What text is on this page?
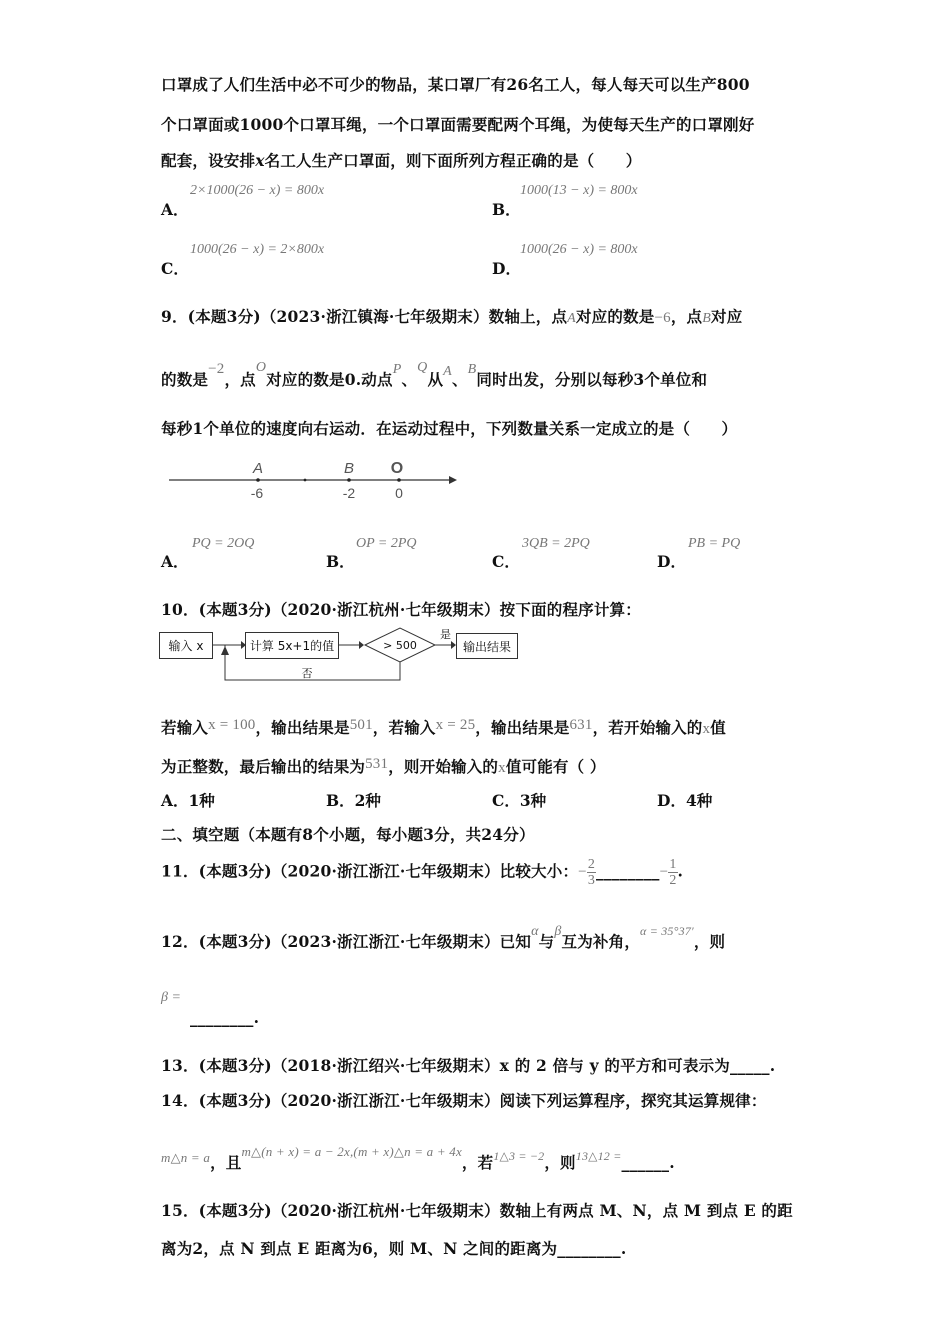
口罩成了人们生活中必不可少的物品，某口罩厂有26名工人，每人每天可以生产800
个口罩面或1000个口罩耳绳，一个口罩面需要配两个耳绳，为使每天生产的口罩刚好
配套，设安排x名工人生产口罩面，则下面所列方程正确的是（　　）
A．
2×1000(26 − x) = 800x
B．
1000(13 − x) = 800x
C．
1000(26 − x) = 2×800x
D．
1000(26 − x) = 800x
9．(本题3分)（2023·浙江镇海·七年级期末）数轴上，点A对应的数是−6，点B对应
的数是−2，点O对应的数是0.动点P、Q从A、B同时出发，分别以每秒3个单位和
每秒1个单位的速度向右运动．在运动过程中，下列数量关系一定成立的是（　　）
A	B O
-6	-2	0
A．
PQ = 2OQ
B．
OP = 2PQ
C．
3QB = 2PQ
D．
PB = PQ
10．(本题3分)（2020·浙江杭州·七年级期末）按下面的程序计算：
输入 x	计算 5x+1的值	输出结果
> 500
是
否
若输入x = 100，输出结果是501，若输入x = 25，输出结果是631，若开始输入的x值
为正整数，最后输出的结果为531，则开始输入的x值可能有（ ）
A．1种	B．2种	C．3种	D．4种
二、填空题（本题有8个小题，每小题3分，共24分）
11．(本题3分)（2020·浙江浙江·七年级期末）比较大小：− $\frac{2}{3}$ ________− $\frac{1}{2}$ .
12．(本题3分)（2023·浙江浙江·七年级期末）已知α与β互为补角，$^{\alpha = 35^\circ 37'}$，则
β =
________.
13．(本题3分)（2018·浙江绍兴·七年级期末）x 的 2 倍与 y 的平方和可表示为_____.
14．(本题3分)（2020·浙江浙江·七年级期末）阅读下列运算程序，探究其运算规律：
$^{m\triangle n = a}$，且$^{m\triangle(n + x) = a - 2x,(m + x)\triangle n = a + 4x}$，若$^{1\triangle 3 = -2}$，则$^{13\triangle 12 =}$______.
15．(本题3分)（2020·浙江杭州·七年级期末）数轴上有两点 M、N，点 M 到点 E 的距
离为2，点 N 到点 E 距离为6，则 M、N 之间的距离为________.
